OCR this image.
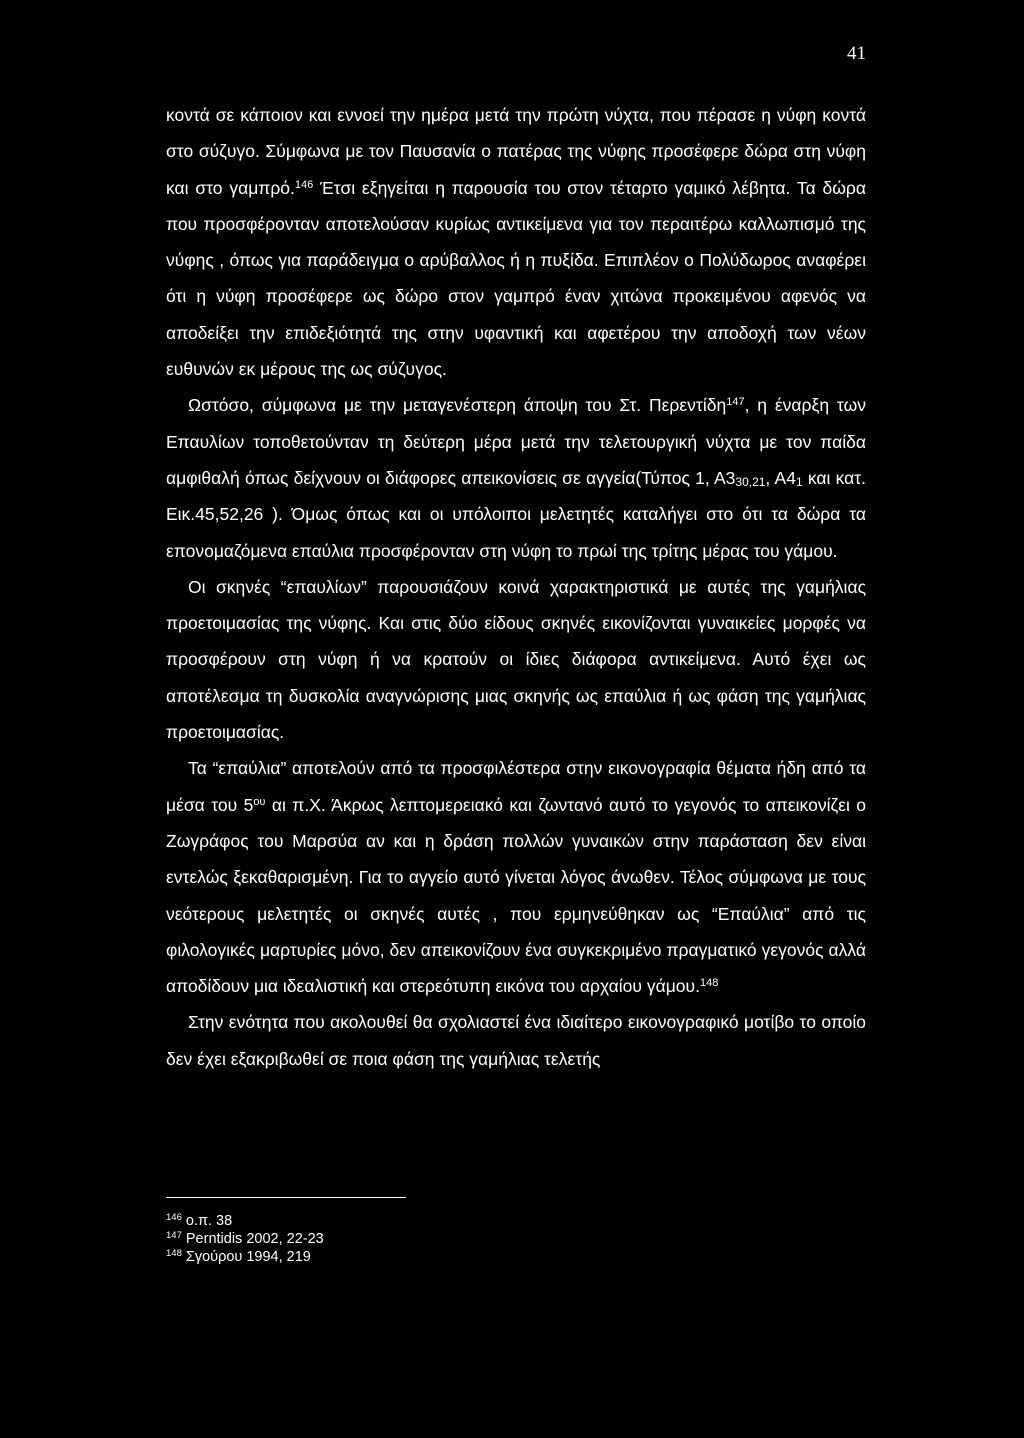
41

κοντά σε κάποιον και εννοεί την ημέρα μετά την πρώτη νύχτα, που πέρασε η νύφη κοντά στο σύζυγο. Σύμφωνα με τον Παυσανία ο πατέρας της νύφης προσέφερε δώρα στη νύφη και στο γαμπρό.$^{146}$ Έτσι εξηγείται η παρουσία του στον τέταρτο γαμικό λέβητα. Τα δώρα που προσφέρονταν αποτελούσαν κυρίως αντικείμενα για τον περαιτέρω καλλωπισμό της νύφης , όπως για παράδειγμα ο αρύβαλλος ή η πυξίδα. Επιπλέον ο Πολύδωρος αναφέρει ότι η νύφη προσέφερε ως δώρο στον γαμπρό έναν χιτώνα προκειμένου αφενός να αποδείξει την επιδεξιότητά της στην υφαντική και αφετέρου την αποδοχή των νέων ευθυνών εκ μέρους της ως σύζυγος.

Ωστόσο, σύμφωνα με την μεταγενέστερη άποψη του Στ. Περεντίδη$^{147}$, η έναρξη των Επαυλίων τοποθετούνταν τη δεύτερη μέρα μετά την τελετουργική νύχτα με τον παίδα αμφιθαλή όπως δείχνουν οι διάφορες απεικονίσεις σε αγγεία(Τύπος 1, $A3_{30,21}$, $A4_1$ και κατ. Εικ.45,52,26 ). Όμως όπως και οι υπόλοιποι μελετητές καταλήγει στο ότι τα δώρα τα επονομαζόμενα επαύλια προσφέρονταν στη νύφη το πρωί της τρίτης μέρας του γάμου.

Οι σκηνές “επαυλίων” παρουσιάζουν κοινά χαρακτηριστικά με αυτές της γαμήλιας προετοιμασίας της νύφης. Και στις δύο είδους σκηνές εικονίζονται γυναικείες μορφές να προσφέρουν στη νύφη ή να κρατούν οι ίδιες διάφορα αντικείμενα. Αυτό έχει ως αποτέλεσμα τη δυσκολία αναγνώρισης μιας σκηνής ως επαύλια ή ως φάση της γαμήλιας προετοιμασίας.

Τα “επαύλια” αποτελούν από τα προσφιλέστερα στην εικονογραφία θέματα ήδη από τα μέσα του $5^{o\upsilon}$ αι π.Χ. Άκρως λεπτομερειακό και ζωντανό αυτό το γεγονός το απεικονίζει ο Ζωγράφος του Μαρσύα αν και η δράση πολλών γυναικών στην παράσταση δεν είναι εντελώς ξεκαθαρισμένη. Για το αγγείο αυτό γίνεται λόγος άνωθεν. Τέλος σύμφωνα με τους νεότερους μελετητές οι σκηνές αυτές , που ερμηνεύθηκαν ως “Επαύλια” από τις φιλολογικές μαρτυρίες μόνο, δεν απεικονίζουν ένα συγκεκριμένο πραγματικό γεγονός αλλά αποδίδουν μια ιδεαλιστική και στερεότυπη εικόνα του αρχαίου γάμου.$^{148}$

Στην ενότητα που ακολουθεί θα σχολιαστεί ένα ιδιαίτερο εικονογραφικό μοτίβο το οποίο δεν έχει εξακριβωθεί σε ποια φάση της γαμήλιας τελετής

$^{146}$ ο.π. 38
$^{147}$ Perntidis 2002, 22-23
$^{148}$ Σγούρου 1994, 219
